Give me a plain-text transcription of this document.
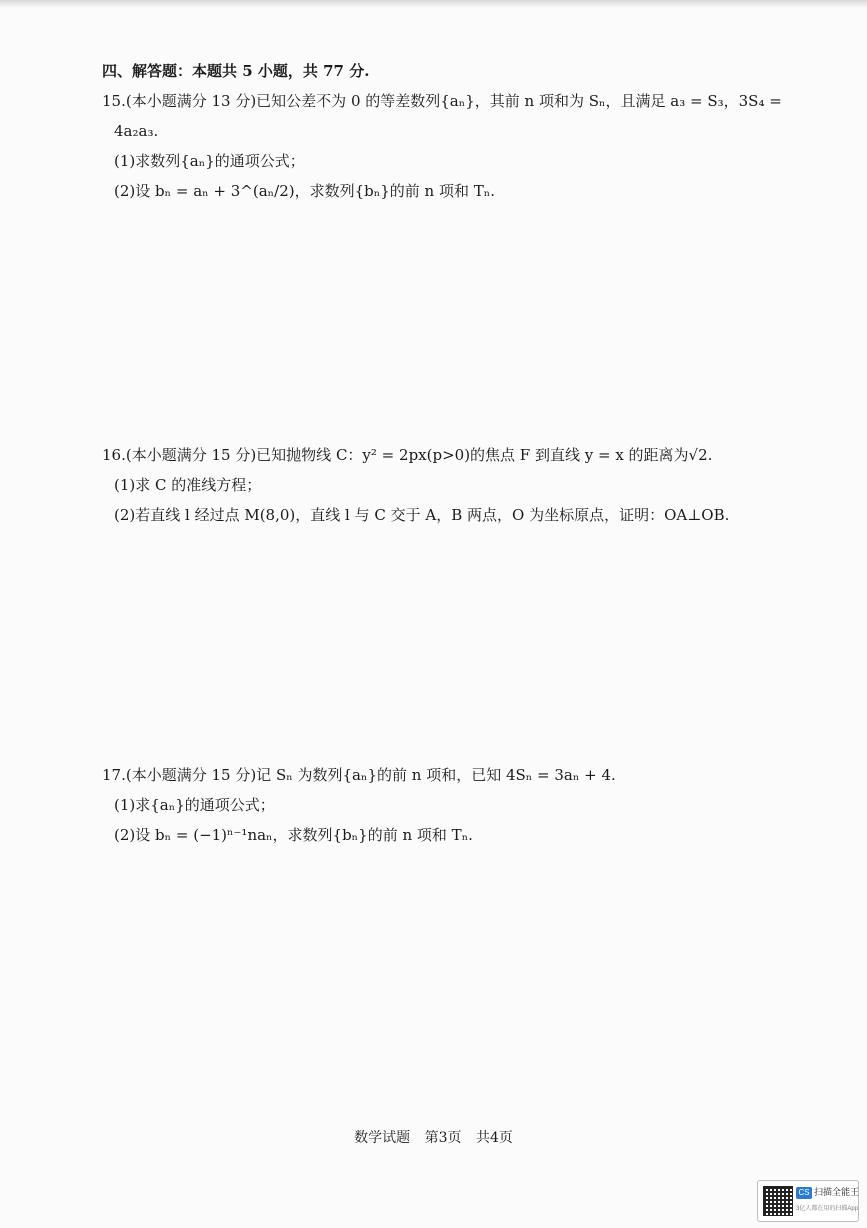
四、解答题：本题共 5 小题，共 77 分.
15.(本小题满分 13 分)已知公差不为 0 的等差数列{aₙ}，其前 n 项和为 Sₙ，且满足 a₃ = S₃，3S₄ =
4a₂a₃.
(1)求数列{aₙ}的通项公式；
(2)设 bₙ = aₙ + 3^(aₙ/2)，求数列{bₙ}的前 n 项和 Tₙ.
16.(本小题满分 15 分)已知抛物线 C：y² = 2px(p>0)的焦点 F 到直线 y = x 的距离为√2.
(1)求 C 的准线方程；
(2)若直线 l 经过点 M(8,0)，直线 l 与 C 交于 A，B 两点，O 为坐标原点，证明：OA⊥OB.
17.(本小题满分 15 分)记 Sₙ 为数列{aₙ}的前 n 项和，已知 4Sₙ = 3aₙ + 4.
(1)求{aₙ}的通项公式；
(2)设 bₙ = (−1)ⁿ⁻¹naₙ，求数列{bₙ}的前 n 项和 Tₙ.
数学试题 第3页 共4页
CS 扫描全能王
3亿人都在用的扫描App
